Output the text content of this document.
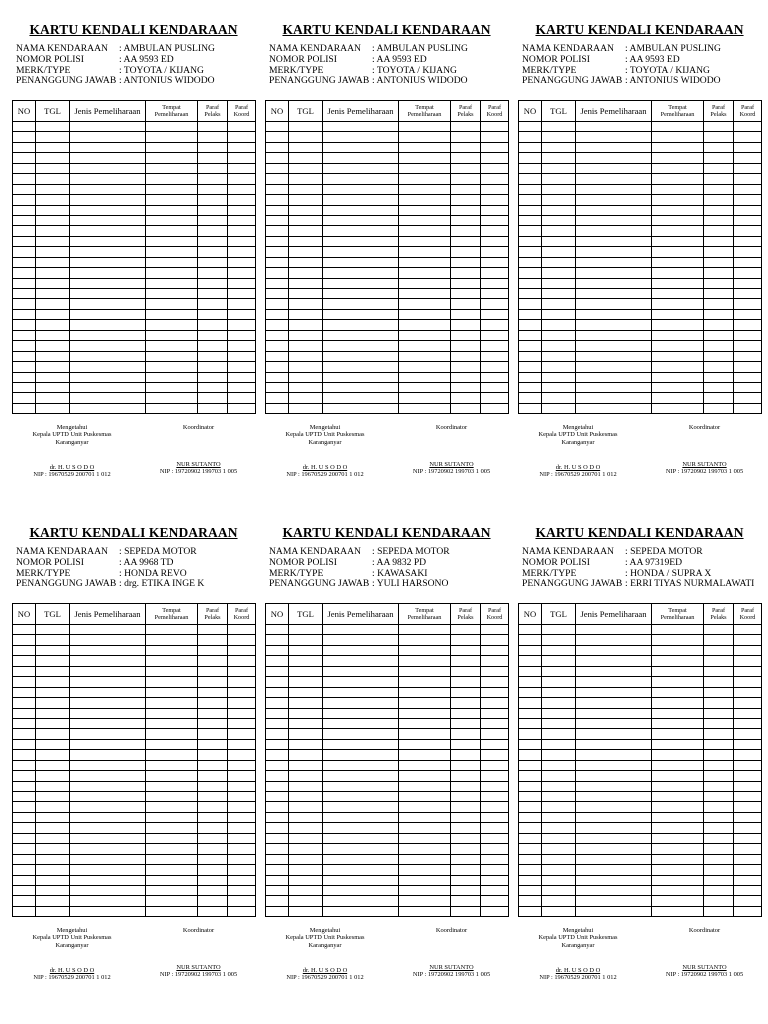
KARTU KENDALI KENDARAAN
NAMA KENDARAAN : AMBULAN PUSLING
NOMOR POLISI	: AA 9593 ED
MERK/TYPE	: TOYOTA / KIJANG
PENANGGUNG JAWAB : ANTONIUS WIDODO
NO	TGL	Jenis Pemeliharaan	Tempat Pemeliharaan	Paraf Pelaks	Paraf Koord

Mengetahui
Kepala UPTD Unit Puskesmas
Karanganyar
dr. H. U S O D O
NIP : 19670529 200701 1 012
Koordinator
NUR SUTANTO
NIP : 19720902 199703 1 005
KARTU KENDALI KENDARAAN
NAMA KENDARAAN : AMBULAN PUSLING
NOMOR POLISI	: AA 9593 ED
MERK/TYPE	: TOYOTA / KIJANG
PENANGGUNG JAWAB : ANTONIUS WIDODO
NO	TGL	Jenis Pemeliharaan	Tempat Pemeliharaan	Paraf Pelaks	Paraf Koord

Mengetahui
Kepala UPTD Unit Puskesmas
Karanganyar
dr. H. U S O D O
NIP : 19670529 200701 1 012
Koordinator
NUR SUTANTO
NIP : 19720902 199703 1 005
KARTU KENDALI KENDARAAN
NAMA KENDARAAN : AMBULAN PUSLING
NOMOR POLISI	: AA 9593 ED
MERK/TYPE	: TOYOTA / KIJANG
PENANGGUNG JAWAB : ANTONIUS WIDODO
NO	TGL	Jenis Pemeliharaan	Tempat Pemeliharaan	Paraf Pelaks	Paraf Koord

Mengetahui
Kepala UPTD Unit Puskesmas
Karanganyar
dr. H. U S O D O
NIP : 19670529 200701 1 012
Koordinator
NUR SUTANTO
NIP : 19720902 199703 1 005
KARTU KENDALI KENDARAAN
NAMA KENDARAAN : SEPEDA MOTOR
NOMOR POLISI	: AA 9968 TD
MERK/TYPE	: HONDA REVO
PENANGGUNG JAWAB : drg. ETIKA INGE K
NO	TGL	Jenis Pemeliharaan	Tempat Pemeliharaan	Paraf Pelaks	Paraf Koord

Mengetahui
Kepala UPTD Unit Puskesmas
Karanganyar
dr. H. U S O D O
NIP : 19670529 200701 1 012
Koordinator
NUR SUTANTO
NIP : 19720902 199703 1 005
KARTU KENDALI KENDARAAN
NAMA KENDARAAN : SEPEDA MOTOR
NOMOR POLISI	: AA 9832 PD
MERK/TYPE	: KAWASAKI
PENANGGUNG JAWAB : YULI HARSONO
NO	TGL	Jenis Pemeliharaan	Tempat Pemeliharaan	Paraf Pelaks	Paraf Koord

Mengetahui
Kepala UPTD Unit Puskesmas
Karanganyar
dr. H. U S O D O
NIP : 19670529 200701 1 012
Koordinator
NUR SUTANTO
NIP : 19720902 199703 1 005
KARTU KENDALI KENDARAAN
NAMA KENDARAAN : SEPEDA MOTOR
NOMOR POLISI	: AA 97319ED
MERK/TYPE	: HONDA / SUPRA X
PENANGGUNG JAWAB : ERRI TIYAS NURMALAWATI
NO	TGL	Jenis Pemeliharaan	Tempat Pemeliharaan	Paraf Pelaks	Paraf Koord

Mengetahui
Kepala UPTD Unit Puskesmas
Karanganyar
dr. H. U S O D O
NIP : 19670529 200701 1 012
Koordinator
NUR SUTANTO
NIP : 19720902 199703 1 005
